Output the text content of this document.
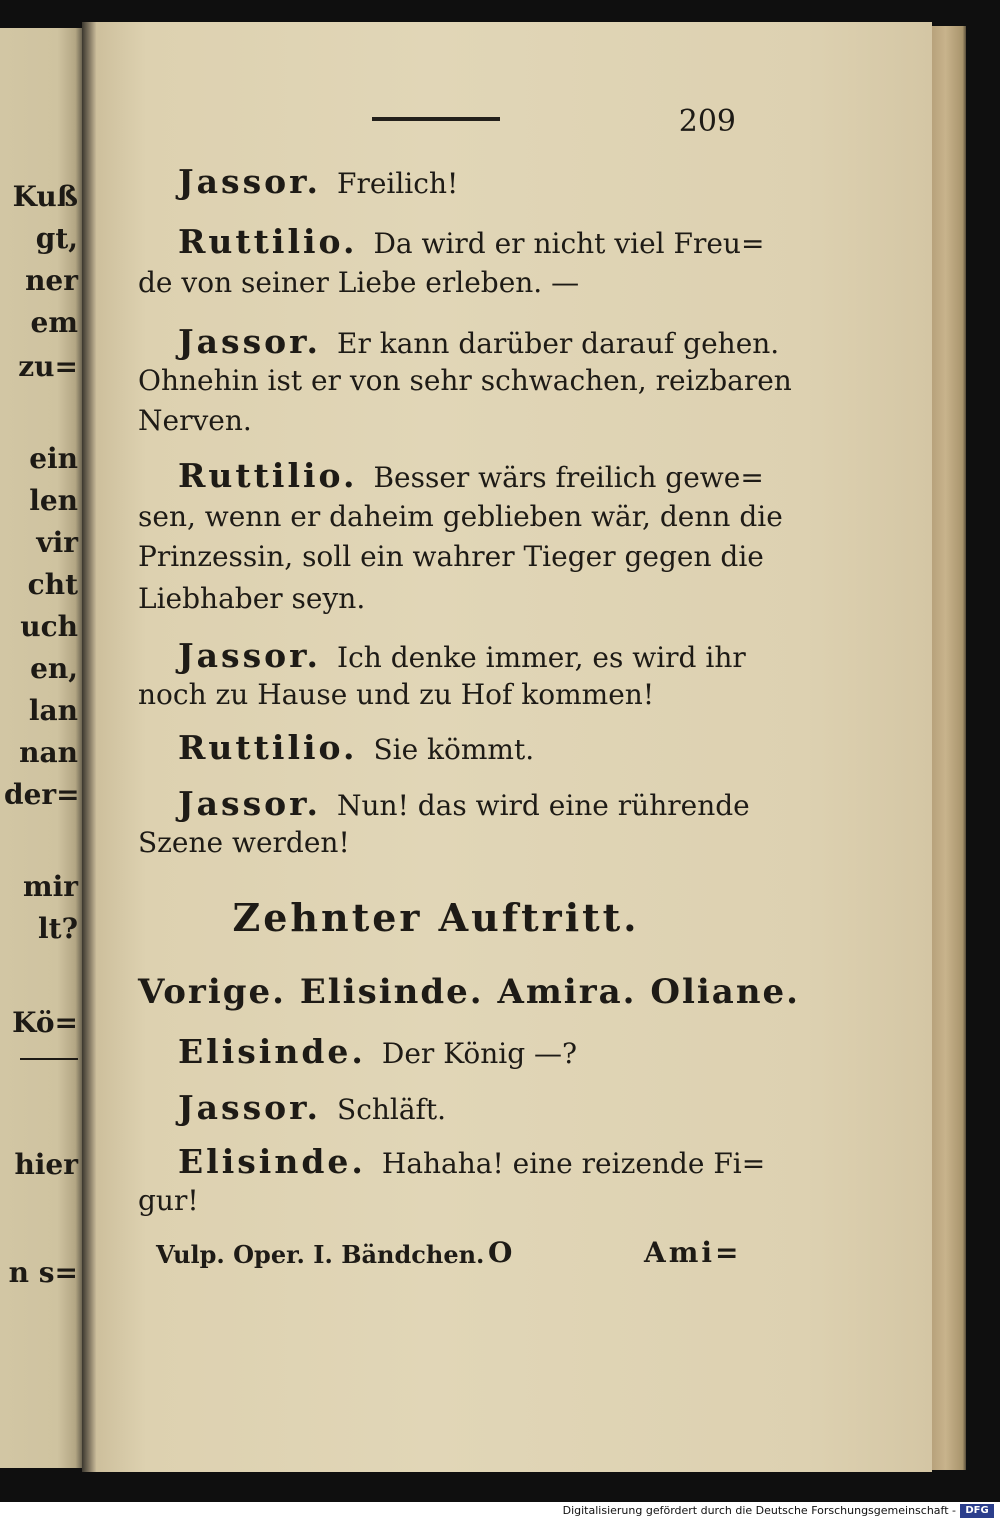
Kuß
gt,
ner
em
zu=
ein
len
vir
cht
uch
en,
lan
nan
der=
mir
lt?
Kö=
hier
n s=
209
Jassor. Freilich!
Ruttilio. Da wird er nicht viel Freu=
de von seiner Liebe erleben. —
Jassor. Er kann darüber darauf gehen.
Ohnehin ist er von sehr schwachen, reizbaren
Nerven.
Ruttilio. Besser wärs freilich gewe=
sen, wenn er daheim geblieben wär, denn die
Prinzessin, soll ein wahrer Tieger gegen die
Liebhaber seyn.
Jassor. Ich denke immer, es wird ihr
noch zu Hause und zu Hof kommen!
Ruttilio. Sie kömmt.
Jassor. Nun! das wird eine rührende
Szene werden!
Zehnter Auftritt.
Vorige. Elisinde. Amira. Oliane.
Elisinde. Der König —?
Jassor. Schläft.
Elisinde. Hahaha! eine reizende Fi=
gur!
Vulp. Oper. I. Bändchen. O	Ami=
Digitalisierung gefördert durch die Deutsche Forschungsgemeinschaft - DFG
